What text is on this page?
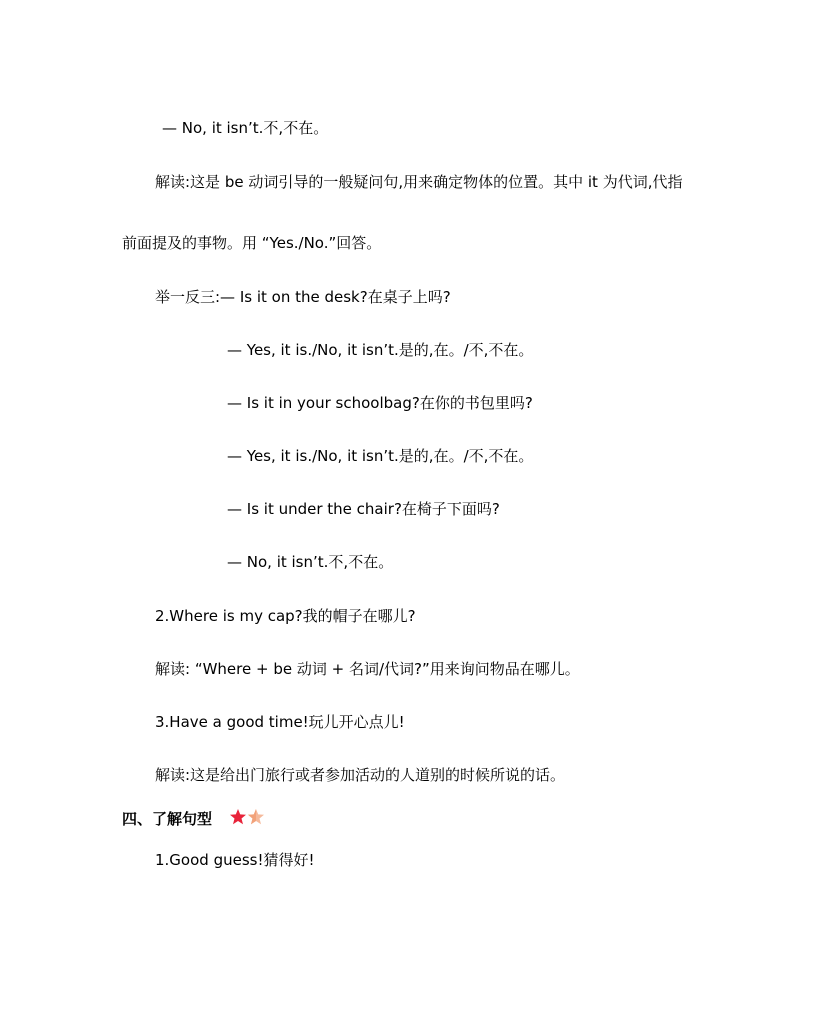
— No, it isn’t.不,不在。
解读:这是 be 动词引导的一般疑问句,用来确定物体的位置。其中 it 为代词,代指
前面提及的事物。用 “Yes./No.”回答。
举一反三:— Is it on the desk?在桌子上吗?
— Yes, it is./No, it isn’t.是的,在。/不,不在。
— Is it in your schoolbag?在你的书包里吗?
— Yes, it is./No, it isn’t.是的,在。/不,不在。
— Is it under the chair?在椅子下面吗?
— No, it isn’t.不,不在。
2.Where is my cap?我的帽子在哪儿?
解读: “Where + be 动词 + 名词/代词?”用来询问物品在哪儿。
3.Have a good time!玩儿开心点儿!
解读:这是给出门旅行或者参加活动的人道别的时候所说的话。
四、了解句型
1.Good guess!猜得好!
